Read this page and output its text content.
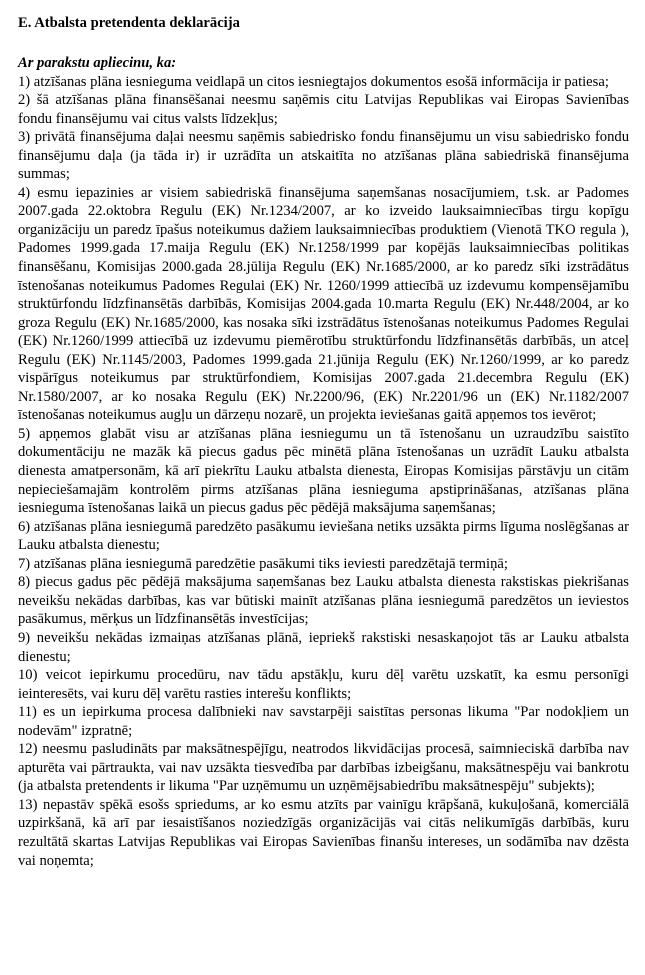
E. Atbalsta pretendenta deklarācija
Ar parakstu apliecinu, ka:

1) atzīšanas plāna iesnieguma veidlapā un citos iesniegtajos dokumentos esošā informācija ir patiesa;

2) šā atzīšanas plāna finansēšanai neesmu saņēmis citu Latvijas Republikas vai Eiropas Savienības fondu finansējumu vai citus valsts līdzekļus;

3) privātā finansējuma daļai neesmu saņēmis sabiedrisko fondu finansējumu un visu sabiedrisko fondu finansējumu daļa (ja tāda ir) ir uzrādīta un atskaitīta no atzīšanas plāna sabiedriskā finansējuma summas;

4) esmu iepazinies ar visiem sabiedriskā finansējuma saņemšanas nosacījumiem, t.sk. ar Padomes 2007.gada 22.oktobra Regulu (EK) Nr.1234/2007, ar ko izveido lauksaimniecības tirgu kopīgu organizāciju un paredz īpašus noteikumus dažiem lauksaimniecības produktiem (Vienotā TKO regula ), Padomes 1999.gada 17.maija Regulu (EK) Nr.1258/1999 par kopējās lauksaimniecības politikas finansēšanu, Komisijas 2000.gada 28.jūlija Regulu (EK) Nr.1685/2000, ar ko paredz sīki izstrādātus īstenošanas noteikumus Padomes Regulai (EK) Nr. 1260/1999 attiecībā uz izdevumu kompensējamību struktūrfondu līdzfinansētās darbībās, Komisijas 2004.gada 10.marta Regulu (EK) Nr.448/2004, ar ko groza Regulu (EK) Nr.1685/2000, kas nosaka sīki izstrādātus īstenošanas noteikumus Padomes Regulai (EK) Nr.1260/1999 attiecībā uz izdevumu piemērotību struktūrfondu līdzfinansētās darbībās, un atceļ Regulu (EK) Nr.1145/2003, Padomes 1999.gada 21.jūnija Regulu (EK) Nr.1260/1999, ar ko paredz vispārīgus noteikumus par struktūrfondiem, Komisijas 2007.gada 21.decembra Regulu (EK) Nr.1580/2007, ar ko nosaka Regulu (EK) Nr.2200/96, (EK) Nr.2201/96 un (EK) Nr.1182/2007 īstenošanas noteikumus augļu un dārzeņu nozarē, un projekta ieviešanas gaitā apņemos tos ievērot;

5) apņemos glabāt visu ar atzīšanas plāna iesniegumu un tā īstenošanu un uzraudzību saistīto dokumentāciju ne mazāk kā piecus gadus pēc minētā plāna īstenošanas un uzrādīt Lauku atbalsta dienesta amatpersonām, kā arī piekrītu Lauku atbalsta dienesta, Eiropas Komisijas pārstāvju un citām nepieciešamajām kontrolēm pirms atzīšanas plāna iesnieguma apstiprināšanas, atzīšanas plāna iesnieguma īstenošanas laikā un piecus gadus pēc pēdējā maksājuma saņemšanas;

6) atzīšanas plāna iesniegumā paredzēto pasākumu ieviešana netiks uzsākta pirms līguma noslēgšanas ar Lauku atbalsta dienestu;

7) atzīšanas plāna iesniegumā paredzētie pasākumi tiks ieviesti paredzētajā termiņā;

8) piecus gadus pēc pēdējā maksājuma saņemšanas bez Lauku atbalsta dienesta rakstiskas piekrišanas neveikšu nekādas darbības, kas var būtiski mainīt atzīšanas plāna iesniegumā paredzētos un ieviestos pasākumus, mērķus un līdzfinansētās investīcijas;

9) neveikšu nekādas izmaiņas atzīšanas plānā, iepriekš rakstiski nesaskaņojot tās ar Lauku atbalsta dienestu;

10) veicot iepirkumu procedūru, nav tādu apstākļu, kuru dēļ varētu uzskatīt, ka esmu personīgi ieinteresēts, vai kuru dēļ varētu rasties interešu konflikts;

11) es un iepirkuma procesa dalībnieki nav savstarpēji saistītas personas likuma "Par nodokļiem un nodevām" izpratnē;

12) neesmu pasludināts par maksātnespējīgu, neatrodos likvidācijas procesā, saimnieciskā darbība nav apturēta vai pārtraukta, vai nav uzsākta tiesvedība par darbības izbeigšanu, maksātnespēju vai bankrotu (ja atbalsta pretendents ir likuma "Par uzņēmumu un uzņēmējsabiedrību maksātnespēju" subjekts);

13) nepastāv spēkā esošs spriedums, ar ko esmu atzīts par vainīgu krāpšanā, kukuļošanā, komerciālā uzpirkšanā, kā arī par iesaistīšanos noziedzīgās organizācijās vai citās nelikumīgās darbībās, kuru rezultātā skartas Latvijas Republikas vai Eiropas Savienības finanšu intereses, un sodāmība nav dzēsta vai noņemta;
